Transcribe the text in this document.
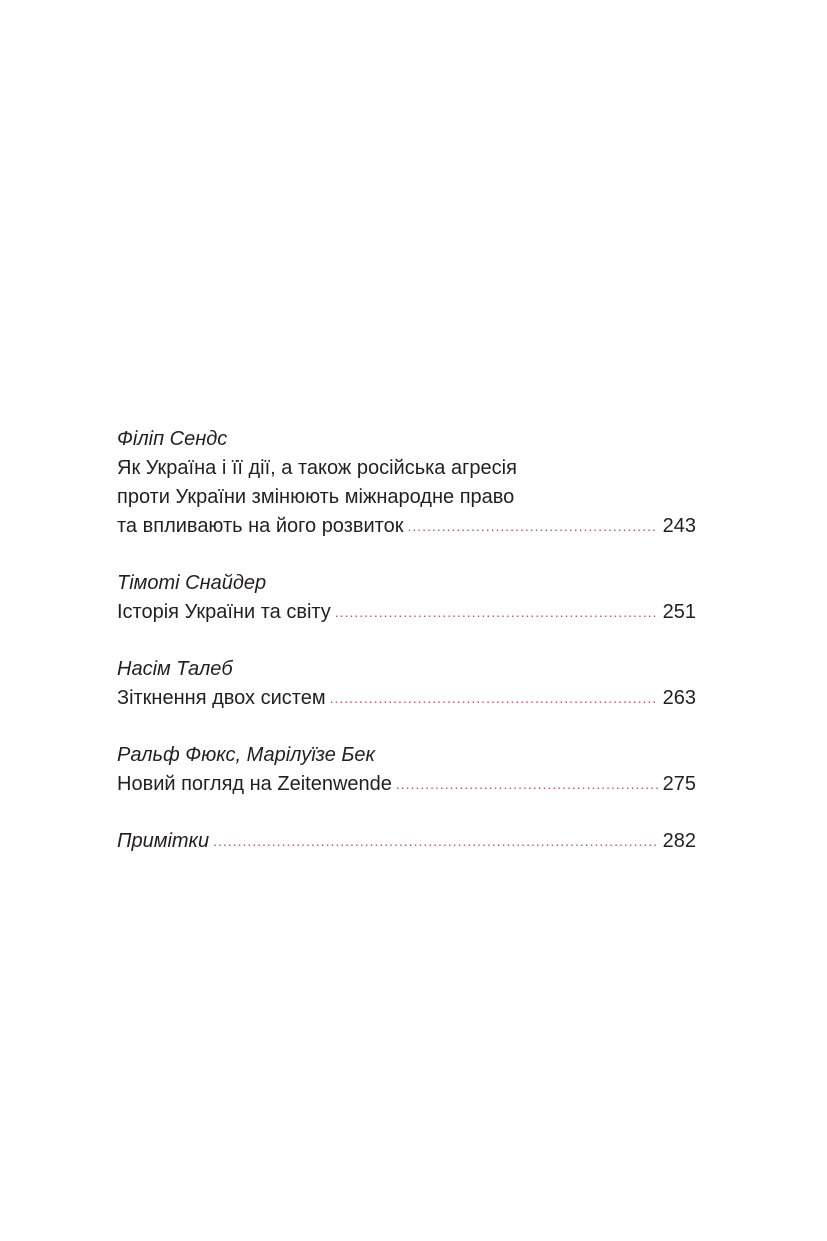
Філіп Сендс
Як Україна і її дії, а також російська агресія
проти України змінюють міжнародне право
та впливають на його розвиток .....	243
Тімоті Снайдер
Історія України та світу .....	251
Насім Талеб
Зіткнення двох систем .....	263
Ральф Фюкс, Марілуїзе Бек
Новий погляд на Zeitenwende .....	275
Примітки .....	282
